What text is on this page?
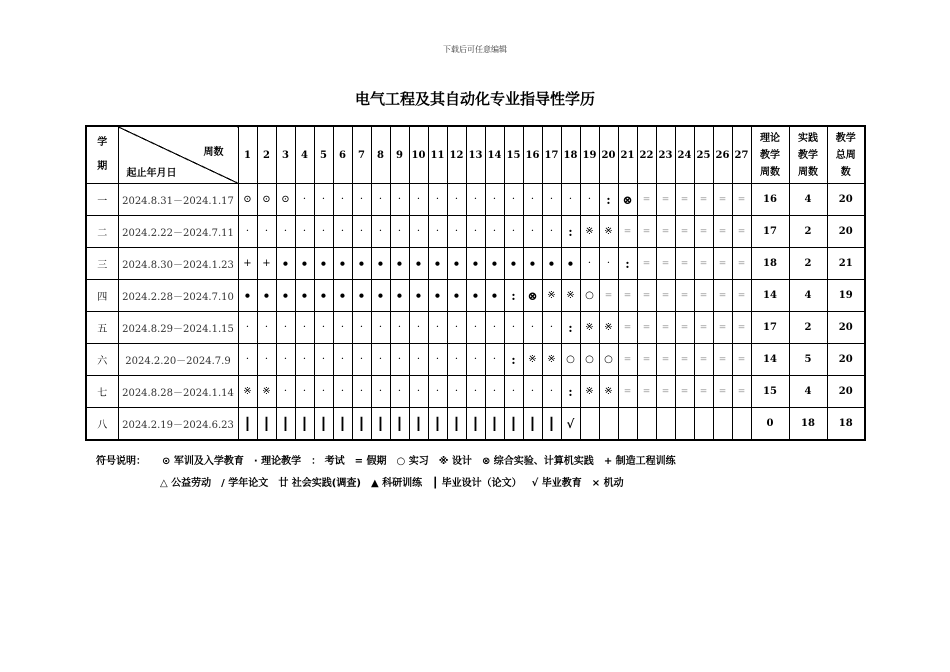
下载后可任意编辑
电气工程及其自动化专业指导性学历
学
期	周数
起止年月日	1	2	3	4	5	6	7	8	9	10	11	12	13	14	15	16	17	18	19	20	21	22	23	24	25	26	27	理论
教学
周数	实践
教学
周数	教学
总周
数
一	2024.8.31－2024.1.17	⊙	⊙	⊙	·	·	·	·	·	·	·	·	·	·	·	·	·	·	·	·	:	⊗	=	=	=	=	=	=	16	4	20
二	2024.2.22－2024.7.11	·	·	·	·	·	·	·	·	·	·	·	·	·	·	·	·	·	:	※	※	=	=	=	=	=	=	=	17	2	20
三	2024.8.30－2024.1.23	+	+	•	•	•	•	•	•	•	•	•	•	•	•	•	•	•	•	·	·	:	=	=	=	=	=	=	18	2	21
四	2024.2.28－2024.7.10	•	•	•	•	•	•	•	•	•	•	•	•	•	•	:	⊗	※	※	○	=	=	=	=	=	=	=	=	14	4	19
五	2024.8.29－2024.1.15	·	·	·	·	·	·	·	·	·	·	·	·	·	·	·	·	·	:	※	※	=	=	=	=	=	=	=	17	2	20
六	2024.2.20－2024.7.9	·	·	·	·	·	·	·	·	·	·	·	·	·	·	:	※	※	○	○	○	=	=	=	=	=	=	=	14	5	20
七	2024.8.28－2024.1.14	※	※	·	·	·	·	·	·	·	·	·	·	·	·	·	·	·	:	※	※	=	=	=	=	=	=	=	15	4	20
八	2024.2.19－2024.6.23	┃	┃	┃	┃	┃	┃	┃	┃	┃	┃	┃	┃	┃	┃	┃	┃	┃	√										0	18	18
符号说明： ⊙ 军训及入学教育 · 理论教学 ： 考试 = 假期 ○ 实习 ※ 设计 ⊗ 综合实验、计算机实践 + 制造工程训练
△ 公益劳动 / 学年论文 廿 社会实践(调查) ▲ 科研训练 ┃ 毕业设计（论文） √ 毕业教育 × 机动
